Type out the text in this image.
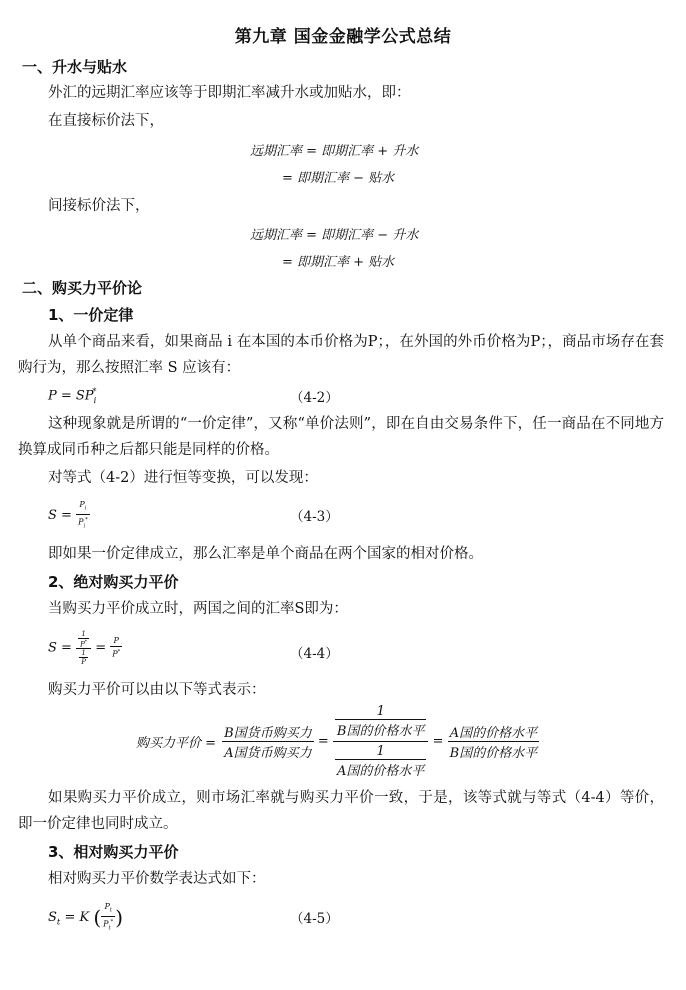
第九章 国金金融学公式总结
一、升水与贴水
外汇的远期汇率应该等于即期汇率减升水或加贴水，即：
在直接标价法下，
远期汇率 = 即期汇率 + 升水
= 即期汇率 − 贴水
间接标价法下，
远期汇率 = 即期汇率 − 升水
= 即期汇率 + 贴水
二、购买力平价论
1、一价定律
从单个商品来看，如果商品 i 在本国的本币价格为P；，在外国的外币价格为P；，商品市场存在套购行为，那么按照汇率 S 应该有：
$P = SP_i^*$	（4-2）
这种现象就是所谓的“一价定律”，又称“单价法则”，即在自由交易条件下，任一商品在不同地方换算成同币种之后都只能是同样的价格。
对等式（4-2）进行恒等变换，可以发现：
$S = \frac{P_i}{P_i^*}$	（4-3）
即如果一价定律成立，那么汇率是单个商品在两个国家的相对价格。
2、绝对购买力平价
当购买力平价成立时，两国之间的汇率S即为：
$S = \frac{\frac{1}{P^*}}{\frac{1}{P}} = \frac{P}{P^*}$	（4-4）
购买力平价可以由以下等式表示：
购买力平价 = $\frac{\text{B国货币购买力}}{\text{A国货币购买力}} = \frac{\frac{1}{\text{B国的价格水平}}}{\frac{1}{\text{A国的价格水平}}} = \frac{\text{A国的价格水平}}{\text{B国的价格水平}}$
如果购买力平价成立，则市场汇率就与购买力平价一致，于是，该等式就与等式（4-4）等价，即一价定律也同时成立。
3、相对购买力平价
相对购买力平价数学表达式如下：
$S_t = K$ ( $\frac{P_t}{P_t^*}$ )	（4-5）
